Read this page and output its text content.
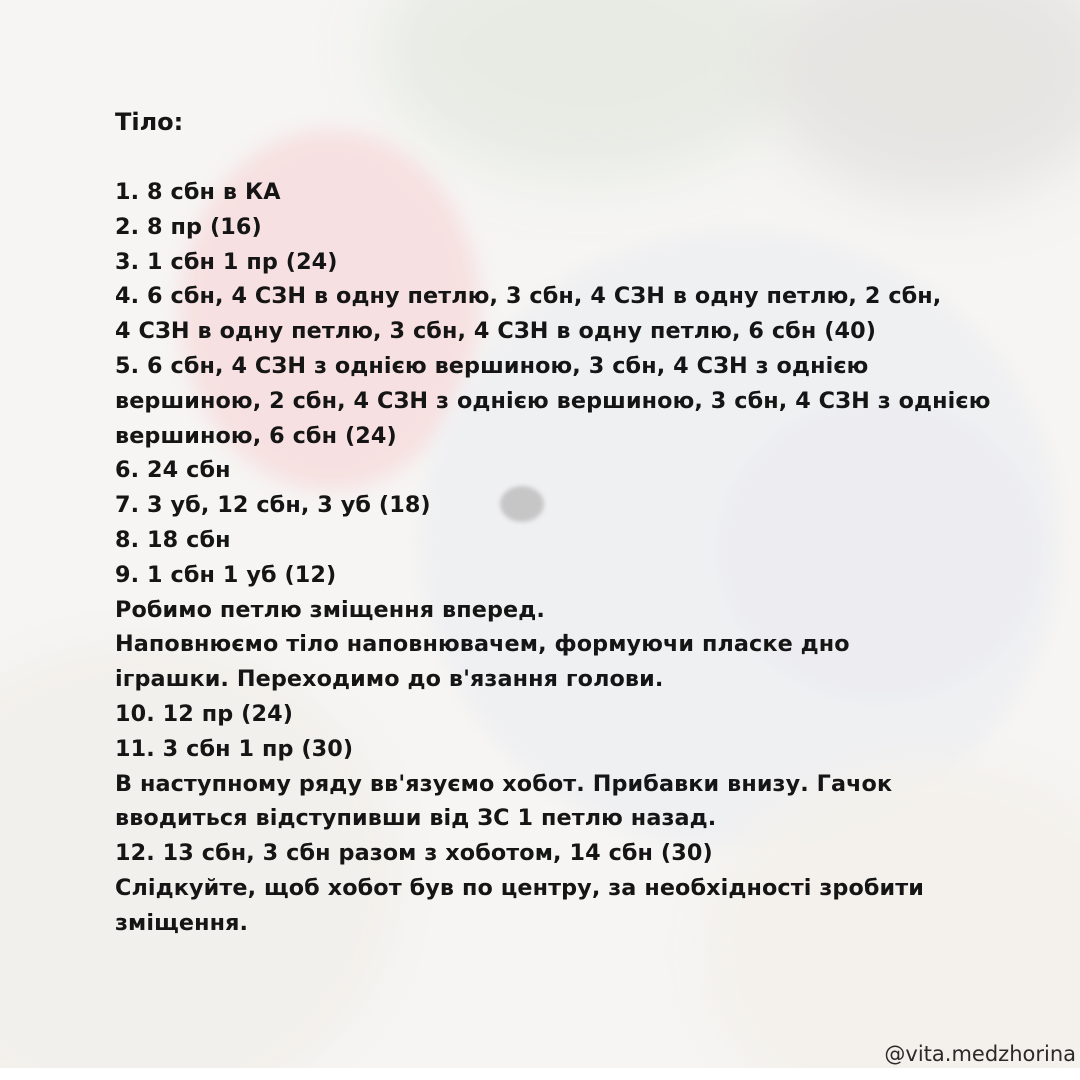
Тіло:
1. 8 сбн в КА
2. 8 пр (16)
3. 1 сбн 1 пр (24)
4. 6 сбн, 4 СЗН в одну петлю, 3 сбн, 4 СЗН в одну петлю, 2 сбн,
4 СЗН в одну петлю, 3 сбн, 4 СЗН в одну петлю, 6 сбн (40)
5. 6 сбн, 4 СЗН з однією вершиною, 3 сбн, 4 СЗН з однією
вершиною, 2 сбн, 4 СЗН з однією вершиною, 3 сбн, 4 СЗН з однією
вершиною, 6 сбн (24)
6. 24 сбн
7. 3 уб, 12 сбн, 3 уб (18)
8. 18 сбн
9. 1 сбн 1 уб (12)
Робимо петлю зміщення вперед.
Наповнюємо тіло наповнювачем, формуючи пласке дно
іграшки. Переходимо до в'язання голови.
10. 12 пр (24)
11. 3 сбн 1 пр (30)
В наступному ряду вв'язуємо хобот. Прибавки внизу. Гачок
вводиться відступивши від ЗС 1 петлю назад.
12. 13 сбн, 3 сбн разом з хоботом, 14 сбн (30)
Слідкуйте, щоб хобот був по центру, за необхідності зробити
зміщення.
@vita.medzhorina
